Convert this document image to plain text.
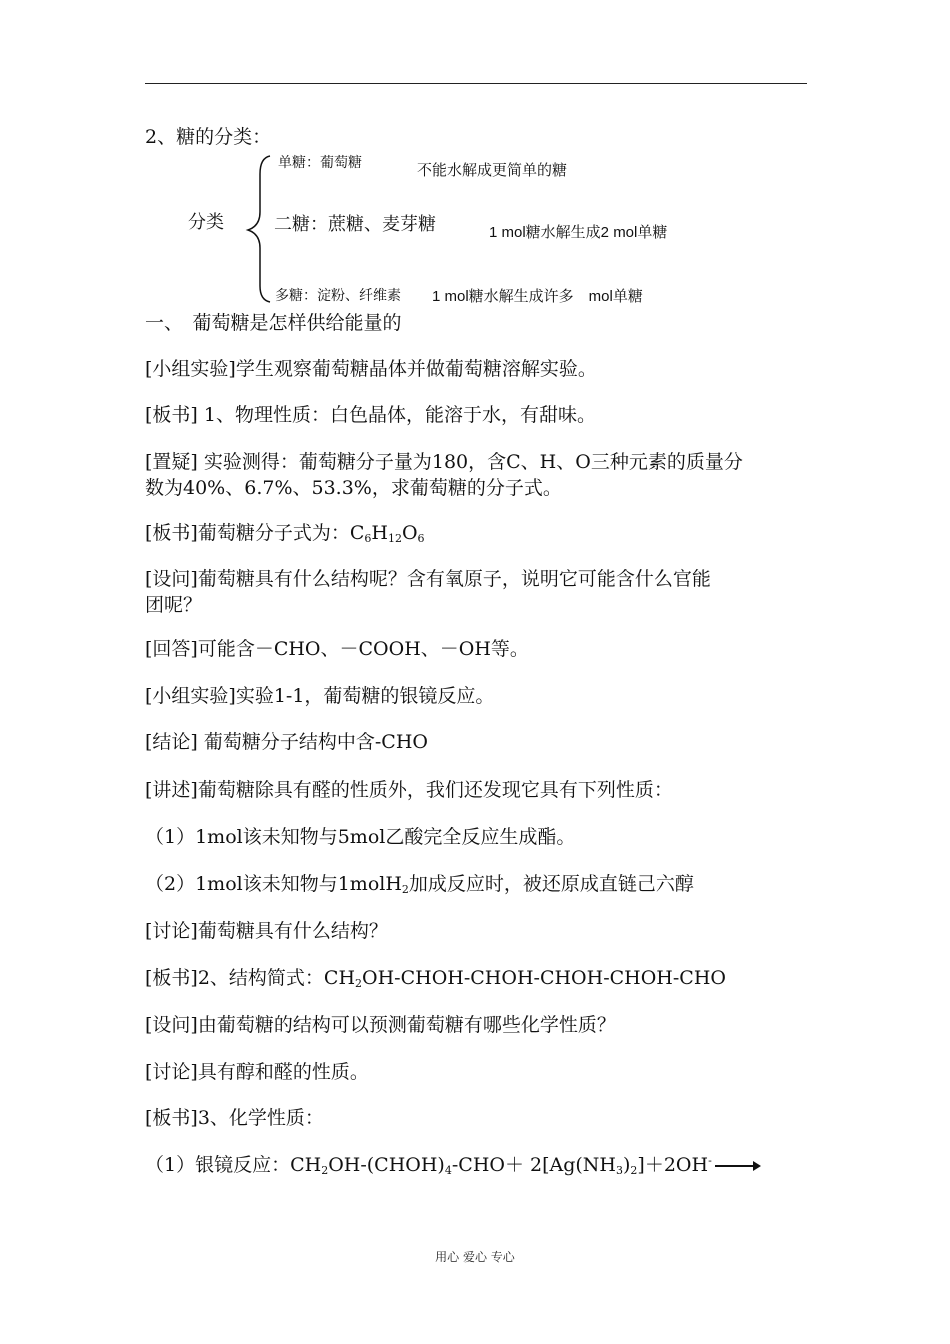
2、糖的分类：
分类
单糖：葡萄糖	不能水解成更简单的糖
二糖：蔗糖、麦芽糖	1 mol糖水解生成2 mol单糖
多糖：淀粉、纤维素 1 mol糖水解生成许多　mol单糖
一、　葡萄糖是怎样供给能量的
[小组实验]学生观察葡萄糖晶体并做葡萄糖溶解实验。
[板书] 1、物理性质：白色晶体，能溶于水，有甜味。
[置疑] 实验测得：葡萄糖分子量为180，含C、H、O三种元素的质量分
数为40%、6.7%、53.3%，求葡萄糖的分子式。
[板书]葡萄糖分子式为：$C_6H_{12}O_6$
[设问]葡萄糖具有什么结构呢？含有氧原子，说明它可能含什么官能
团呢？
[回答]可能含－CHO、－COOH、－OH等。
[小组实验]实验1-1，葡萄糖的银镜反应。
[结论] 葡萄糖分子结构中含-CHO
[讲述]葡萄糖除具有醛的性质外，我们还发现它具有下列性质：
（1）1mol该未知物与5mol乙酸完全反应生成酯。
（2）1mol该未知物与1molH$_2$加成反应时，被还原成直链己六醇
[讨论]葡萄糖具有什么结构？
[板书]2、结构简式：$CH_2OH-CHOH-CHOH-CHOH-CHOH$-CHO
[设问]由葡萄糖的结构可以预测葡萄糖有哪些化学性质？
[讨论]具有醇和醛的性质。
[板书]3、化学性质：
（1）银镜反应：$CH_2OH-(CHOH)_4-CHO+ 2[Ag(NH_3)_2]+2OH^-$ →
用心 爱心 专心
